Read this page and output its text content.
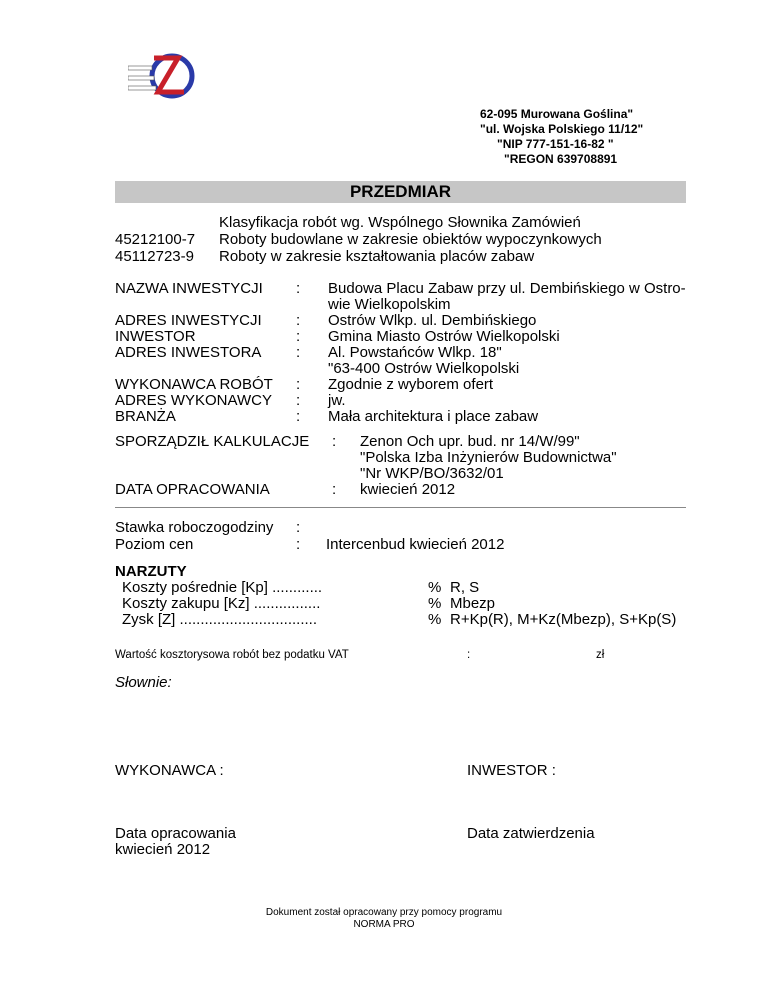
62-095 Murowana Goślina"
"ul. Wojska Polskiego 11/12"
"NIP 777-151-16-82 "
"REGON 639708891
PRZEDMIAR
Klasyfikacja robót wg. Wspólnego Słownika Zamówień
45212100-7 Roboty budowlane w zakresie obiektów wypoczynkowych
45112723-9 Roboty w zakresie kształtowania placów zabaw
NAZWA INWESTYCJI : Budowa Placu Zabaw przy ul. Dembińskiego w Ostro-
wie Wielkopolskim
ADRES INWESTYCJI : Ostrów Wlkp. ul. Dembińskiego
INWESTOR	: Gmina Miasto Ostrów Wielkopolski
ADRES INWESTORA : Al. Powstańców Wlkp. 18"
"63-400 Ostrów Wielkopolski
WYKONAWCA ROBÓT : Zgodnie z wyborem ofert
ADRES WYKONAWCY : jw.
BRANŻA	: Mała architektura i place zabaw
SPORZĄDZIŁ KALKULACJE : Zenon Och upr. bud. nr 14/W/99"
"Polska Izba Inżynierów Budownictwa"
"Nr WKP/BO/3632/01
DATA OPRACOWANIA	: kwiecień 2012
Stawka roboczogodziny :
Poziom cen	: Intercenbud kwiecień 2012
NARZUTY
Koszty pośrednie [Kp] ............	% R, S
Koszty zakupu [Kz] ................	% Mbezp
Zysk [Z] .................................	% R+Kp(R), M+Kz(Mbezp), S+Kp(S)
Wartość kosztorysowa robót bez podatku VAT	:	zł
Słownie:
WYKONAWCA :	INWESTOR :
Data opracowania
kwiecień 2012
Data zatwierdzenia
Dokument został opracowany przy pomocy programu
NORMA PRO
